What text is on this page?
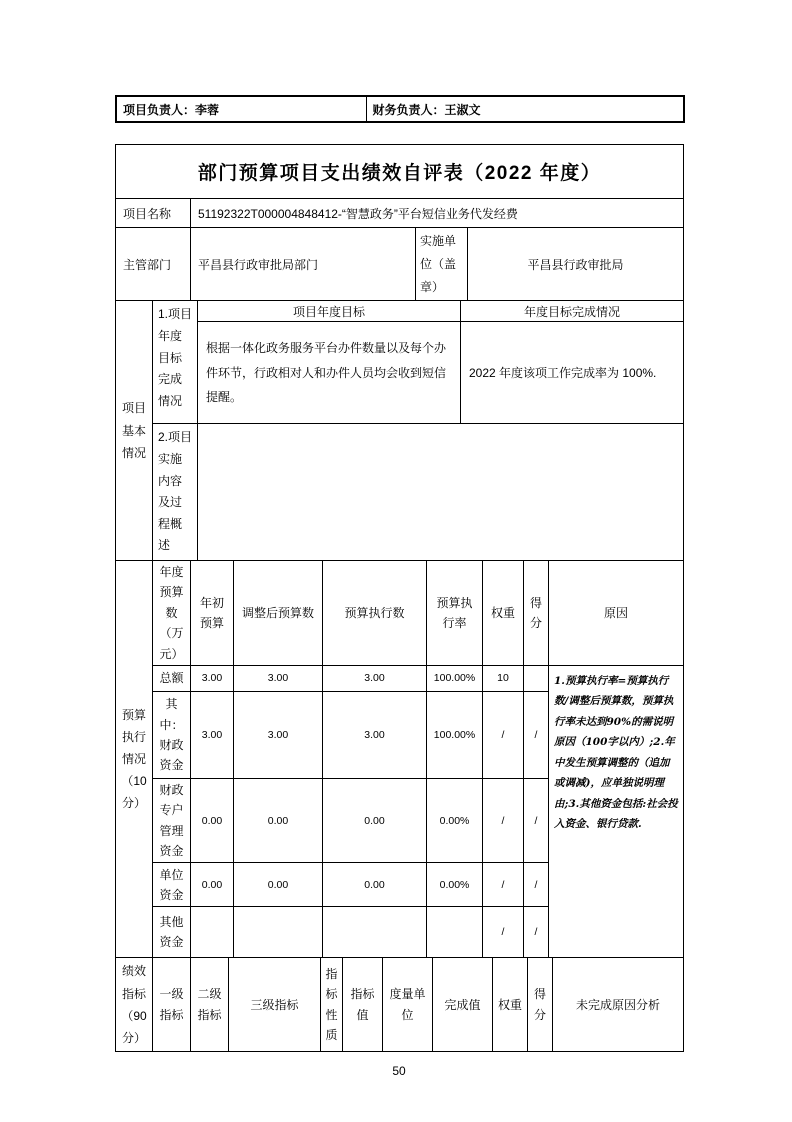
项目负责人：李蓉	财务负责人：王淑文
部门预算项目支出绩效自评表（2022 年度）
项目名称	51192322T000004848412-“智慧政务”平台短信业务代发经费
主管部门	平昌县行政审批局部门	实施单位（盖章）	平昌县行政审批局
项目基本情况	1.项目年度目标完成情况	项目年度目标	年度目标完成情况
		根据一体化政务服务平台办件数量以及每个办件环节，行政相对人和办件人员均会收到短信提醒。	2022 年度该项工作完成率为 100%.
	2.项目实施内容及过程概述		
预算执行情况（10分）	年度预算数（万元）	年初预算	调整后预算数	预算执行数	预算执行率	权重	得分	原因
	总额	3.00	3.00	3.00	100.00%	10		1.预算执行率=预算执行数/调整后预算数，预算执行率未达到90%的需说明原因（100字以内）;2.年中发生预算调整的（追加或调减)，应单独说明理由;3.其他资金包括:社会投入资金、银行贷款.
	其中：财政资金	3.00	3.00	3.00	100.00%	/	/	
	财政专户管理资金	0.00	0.00	0.00	0.00%	/	/	
	单位资金	0.00	0.00	0.00	0.00%	/	/	
	其他资金					/	/	
绩效指标（90分）	一级指标	二级指标	三级指标	指标性质	指标值	度量单位	完成值	权重	得分	未完成原因分析
50
